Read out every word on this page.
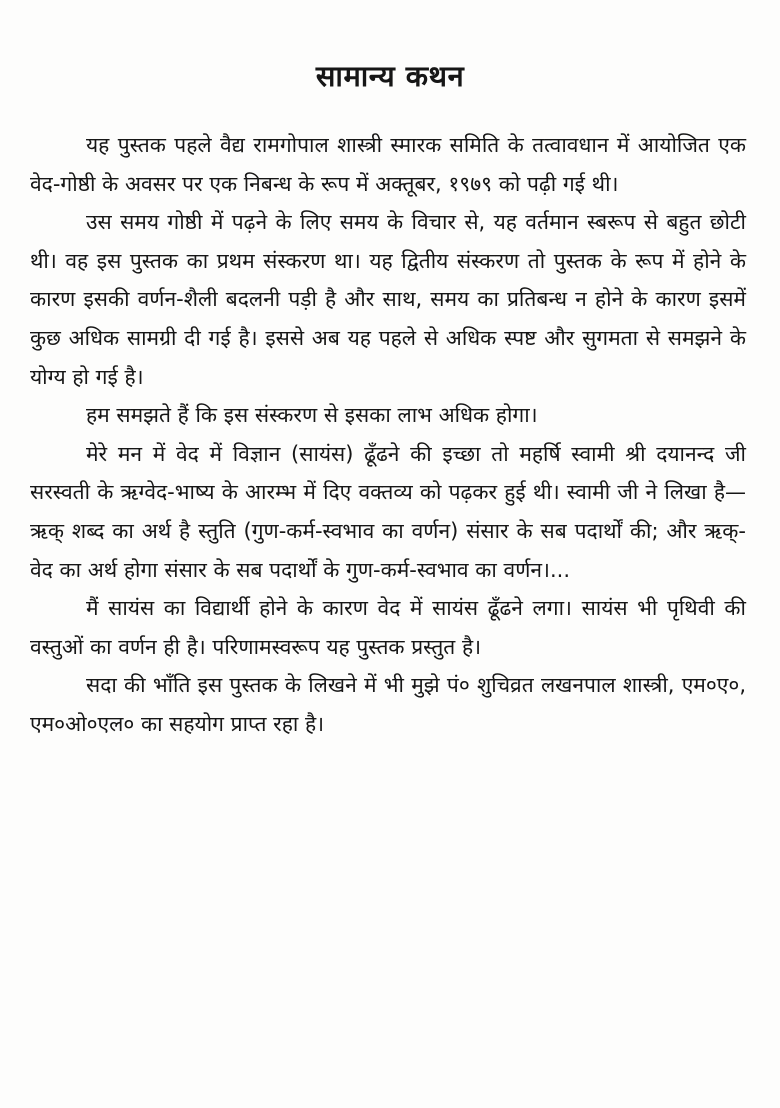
सामान्य कथन

यह पुस्तक पहले वैद्य रामगोपाल शास्त्री स्मारक समिति के तत्वावधान में आयोजित एक वेद-गोष्ठी के अवसर पर एक निबन्ध के रूप में अक्तूबर, १९७९ को पढ़ी गई थी।

उस समय गोष्ठी में पढ़ने के लिए समय के विचार से, यह वर्तमान स्बरूप से बहुत छोटी थी। वह इस पुस्तक का प्रथम संस्करण था। यह द्वितीय संस्करण तो पुस्तक के रूप में होने के कारण इसकी वर्णन-शैली बदलनी पड़ी है और साथ, समय का प्रतिबन्ध न होने के कारण इसमें कुछ अधिक सामग्री दी गई है। इससे अब यह पहले से अधिक स्पष्ट और सुगमता से समझने के योग्य हो गई है।

हम समझते हैं कि इस संस्करण से इसका लाभ अधिक होगा।

मेरे मन में वेद में विज्ञान (सायंस) ढूँढने की इच्छा तो महर्षि स्वामी श्री दयानन्द जी सरस्वती के ऋग्वेद-भाष्य के आरम्भ में दिए वक्तव्य को पढ़कर हुई थी। स्वामी जी ने लिखा है—ऋक् शब्द का अर्थ है स्तुति (गुण-कर्म-स्वभाव का वर्णन) संसार के सब पदार्थों की; और ऋक्-वेद का अर्थ होगा संसार के सब पदार्थों के गुण-कर्म-स्वभाव का वर्णन।...

मैं सायंस का विद्यार्थी होने के कारण वेद में सायंस ढूँढने लगा। सायंस भी पृथिवी की वस्तुओं का वर्णन ही है। परिणामस्वरूप यह पुस्तक प्रस्तुत है।

सदा की भाँति इस पुस्तक के लिखने में भी मुझे पं० शुचिव्रत लखनपाल शास्त्री, एम०ए०, एम०ओ०एल० का सहयोग प्राप्त रहा है।
